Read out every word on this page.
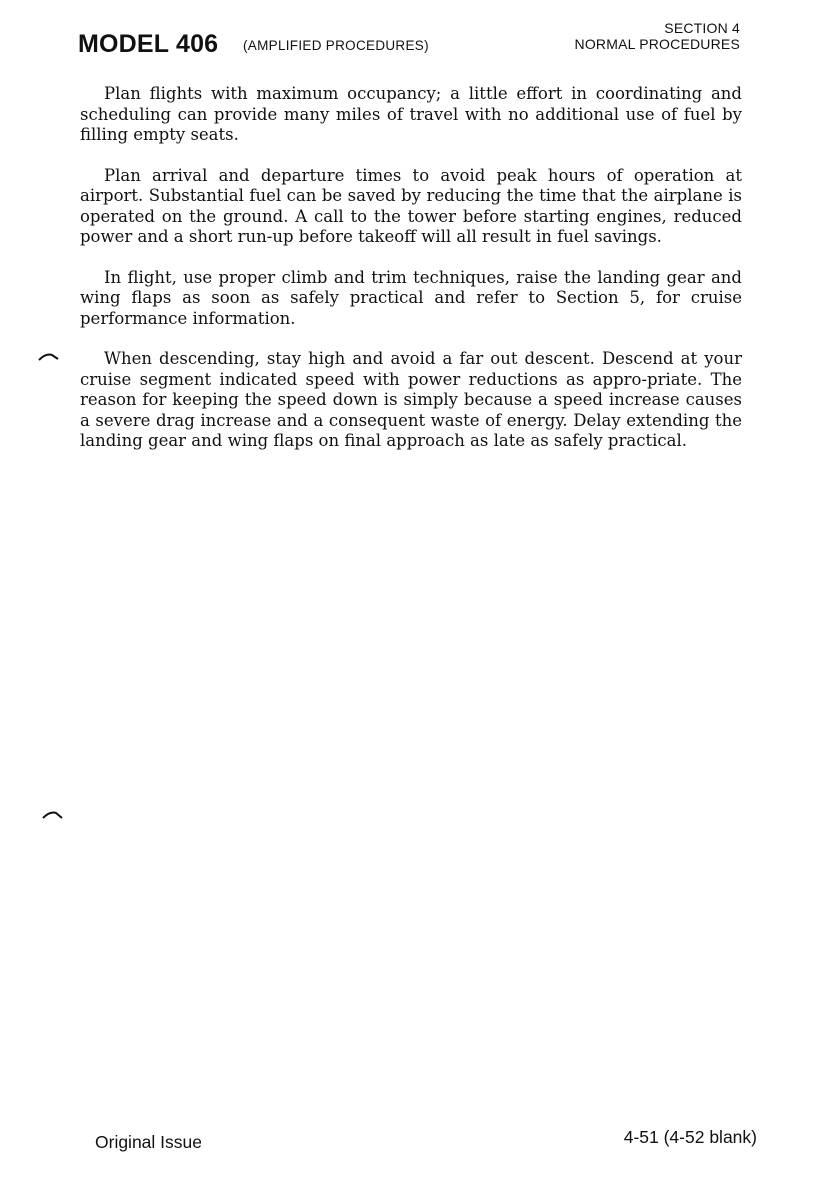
MODEL 406 (AMPLIFIED PROCEDURES)
SECTION 4
NORMAL PROCEDURES

Plan flights with maximum occupancy; a little effort in coordinating and scheduling can provide many miles of travel with no additional use of fuel by filling empty seats.

Plan arrival and departure times to avoid peak hours of operation at airport. Substantial fuel can be saved by reducing the time that the airplane is operated on the ground. A call to the tower before starting engines, reduced power and a short run-up before takeoff will all result in fuel savings.

In flight, use proper climb and trim techniques, raise the landing gear and wing flaps as soon as safely practical and refer to Section 5, for cruise performance information.

When descending, stay high and avoid a far out descent. Descend at your cruise segment indicated speed with power reductions as appro-priate. The reason for keeping the speed down is simply because a speed increase causes a severe drag increase and a consequent waste of energy. Delay extending the landing gear and wing flaps on final approach as late as safely practical.

Original Issue	4-51 (4-52 blank)
